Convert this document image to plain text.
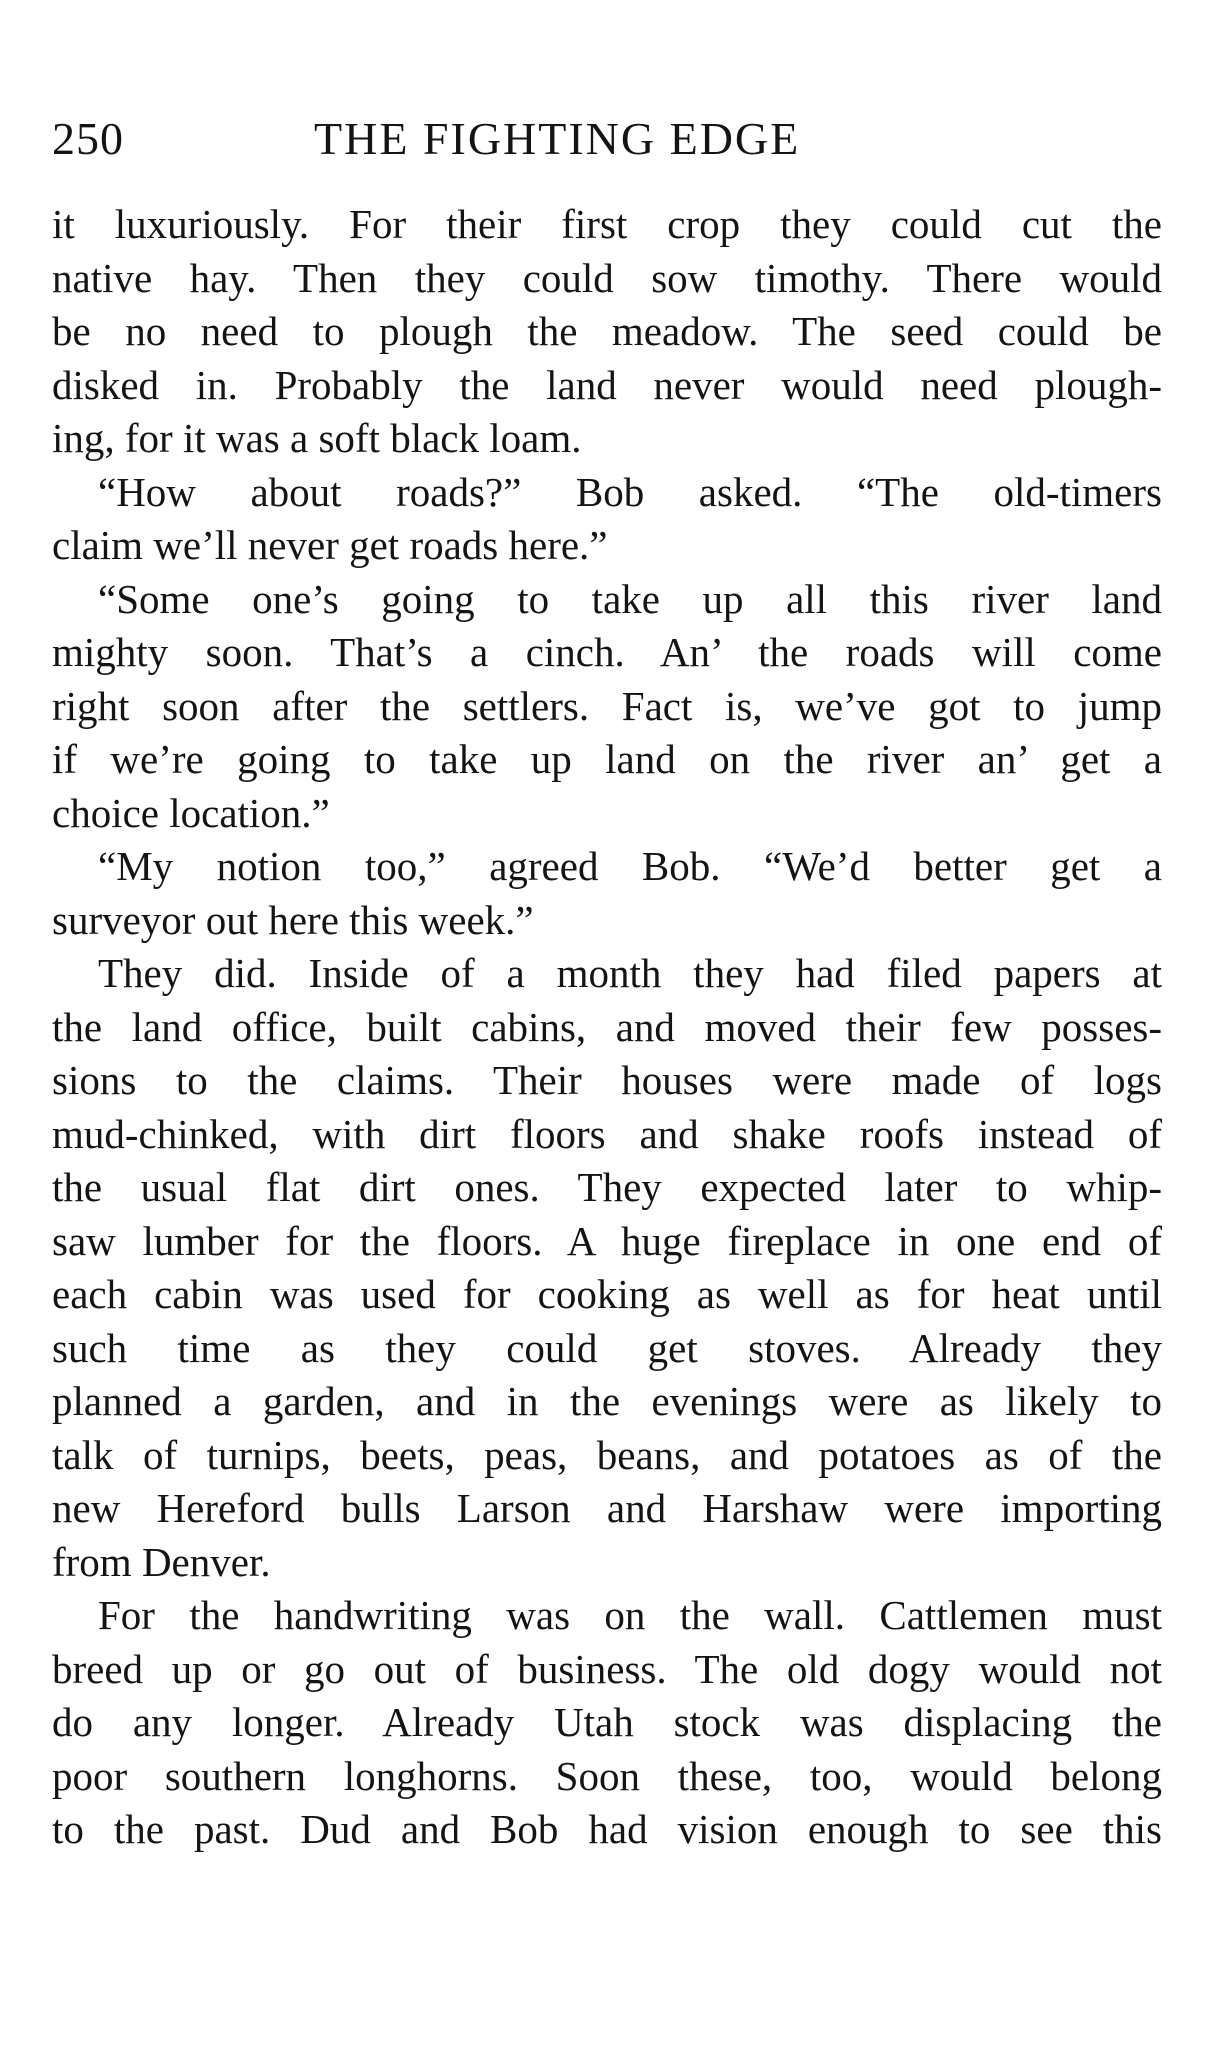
250	THE FIGHTING EDGE
it luxuriously. For their first crop they could cut the
native hay. Then they could sow timothy. There would
be no need to plough the meadow. The seed could be
disked in. Probably the land never would need plough-
ing, for it was a soft black loam.
“How about roads?” Bob asked. “The old-timers
claim we’ll never get roads here.”
“Some one’s going to take up all this river land
mighty soon. That’s a cinch. An’ the roads will come
right soon after the settlers. Fact is, we’ve got to jump
if we’re going to take up land on the river an’ get a
choice location.”
“My notion too,” agreed Bob. “We’d better get a
surveyor out here this week.”
They did. Inside of a month they had filed papers at
the land office, built cabins, and moved their few posses-
sions to the claims. Their houses were made of logs
mud-chinked, with dirt floors and shake roofs instead of
the usual flat dirt ones. They expected later to whip-
saw lumber for the floors. A huge fireplace in one end of
each cabin was used for cooking as well as for heat until
such time as they could get stoves. Already they
planned a garden, and in the evenings were as likely to
talk of turnips, beets, peas, beans, and potatoes as of the
new Hereford bulls Larson and Harshaw were importing
from Denver.
For the handwriting was on the wall. Cattlemen must
breed up or go out of business. The old dogy would not
do any longer. Already Utah stock was displacing the
poor southern longhorns. Soon these, too, would belong
to the past. Dud and Bob had vision enough to see this
